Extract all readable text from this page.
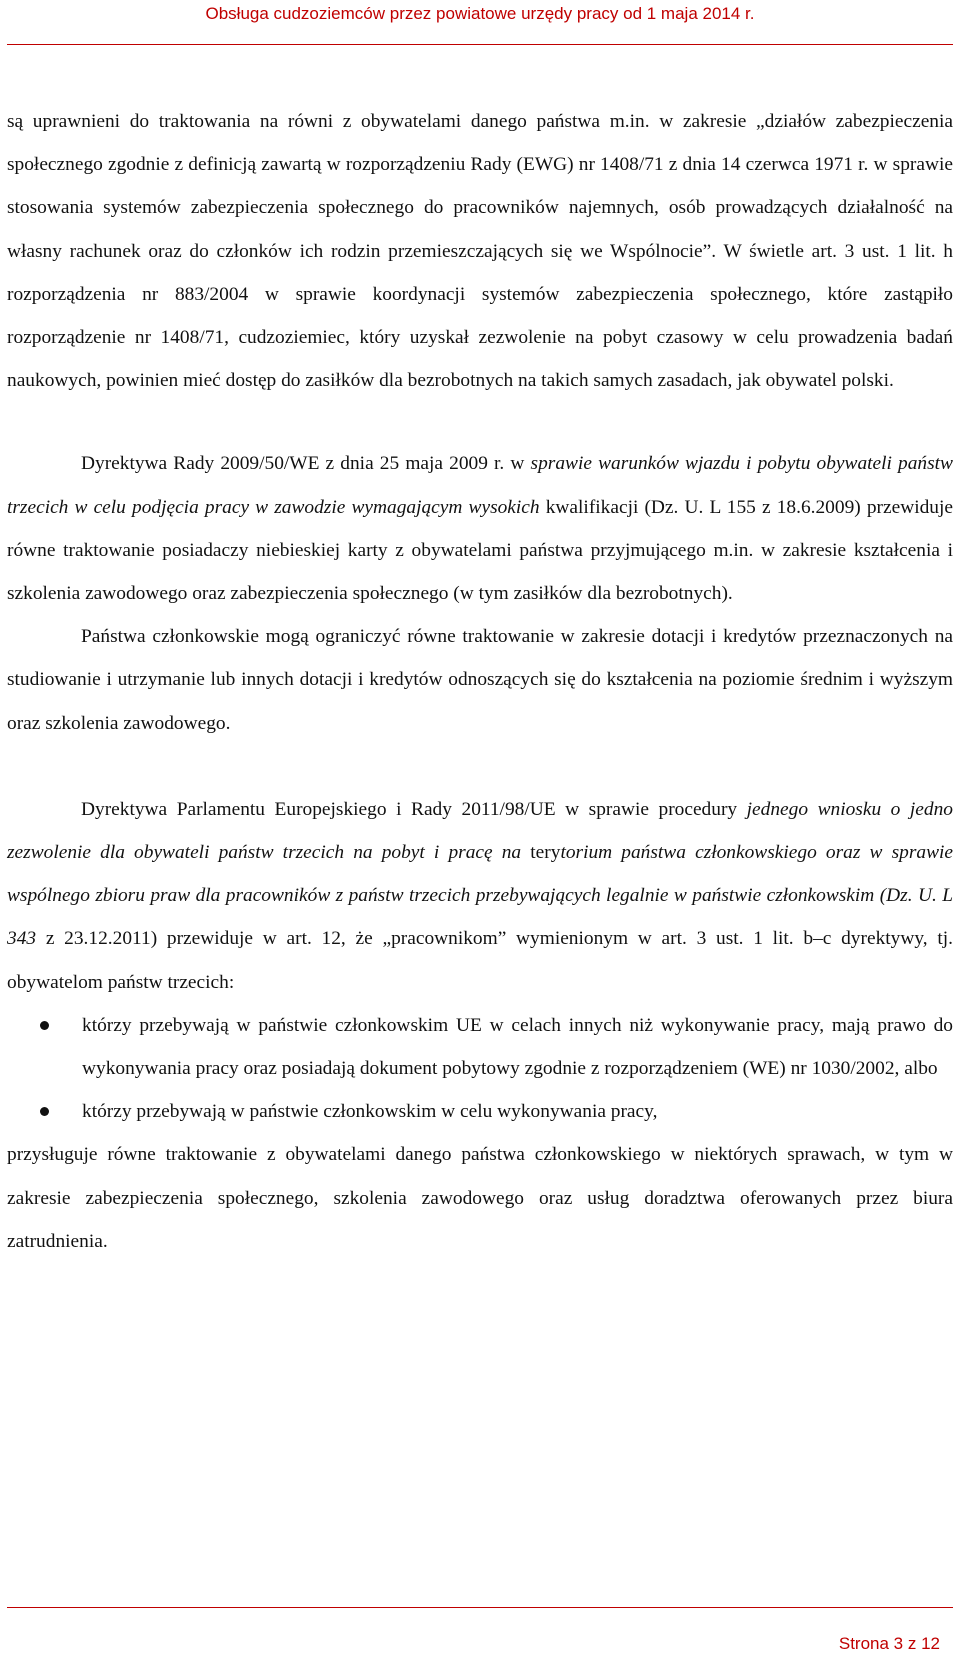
Obsługa cudzoziemców przez powiatowe urzędy pracy od 1 maja 2014 r.

są uprawnieni do traktowania na równi z obywatelami danego państwa m.in. w zakresie „działów zabezpieczenia społecznego zgodnie z definicją zawartą w rozporządzeniu Rady (EWG) nr 1408/71 z dnia 14 czerwca 1971 r. w sprawie stosowania systemów zabezpieczenia społecznego do pracowników najemnych, osób prowadzących działalność na własny rachunek oraz do członków ich rodzin przemieszczających się we Wspólnocie”. W świetle art. 3 ust. 1 lit. h rozporządzenia nr 883/2004 w sprawie koordynacji systemów zabezpieczenia społecznego, które zastąpiło rozporządzenie nr 1408/71, cudzoziemiec, który uzyskał zezwolenie na pobyt czasowy w celu prowadzenia badań naukowych, powinien mieć dostęp do zasiłków dla bezrobotnych na takich samych zasadach, jak obywatel polski.

Dyrektywa Rady 2009/50/WE z dnia 25 maja 2009 r. w sprawie warunków wjazdu i pobytu obywateli państw trzecich w celu podjęcia pracy w zawodzie wymagającym wysokich kwalifikacji (Dz. U. L 155 z 18.6.2009) przewiduje równe traktowanie posiadaczy niebieskiej karty z obywatelami państwa przyjmującego m.in. w zakresie kształcenia i szkolenia zawodowego oraz zabezpieczenia społecznego (w tym zasiłków dla bezrobotnych).

Państwa członkowskie mogą ograniczyć równe traktowanie w zakresie dotacji i kredytów przeznaczonych na studiowanie i utrzymanie lub innych dotacji i kredytów odnoszących się do kształcenia na poziomie średnim i wyższym oraz szkolenia zawodowego.

Dyrektywa Parlamentu Europejskiego i Rady 2011/98/UE w sprawie procedury jednego wniosku o jedno zezwolenie dla obywateli państw trzecich na pobyt i pracę na terytorium państwa członkowskiego oraz w sprawie wspólnego zbioru praw dla pracowników z państw trzecich przebywających legalnie w państwie członkowskim (Dz. U. L 343 z 23.12.2011) przewiduje w art. 12, że „pracownikom” wymienionym w art. 3 ust. 1 lit. b–c dyrektywy, tj. obywatelom państw trzecich:

którzy przebywają w państwie członkowskim UE w celach innych niż wykonywanie pracy, mają prawo do wykonywania pracy oraz posiadają dokument pobytowy zgodnie z rozporządzeniem (WE) nr 1030/2002, albo
którzy przebywają w państwie członkowskim w celu wykonywania pracy,

przysługuje równe traktowanie z obywatelami danego państwa członkowskiego w niektórych sprawach, w tym w zakresie zabezpieczenia społecznego, szkolenia zawodowego oraz usług doradztwa oferowanych przez biura zatrudnienia.

Strona 3 z 12
